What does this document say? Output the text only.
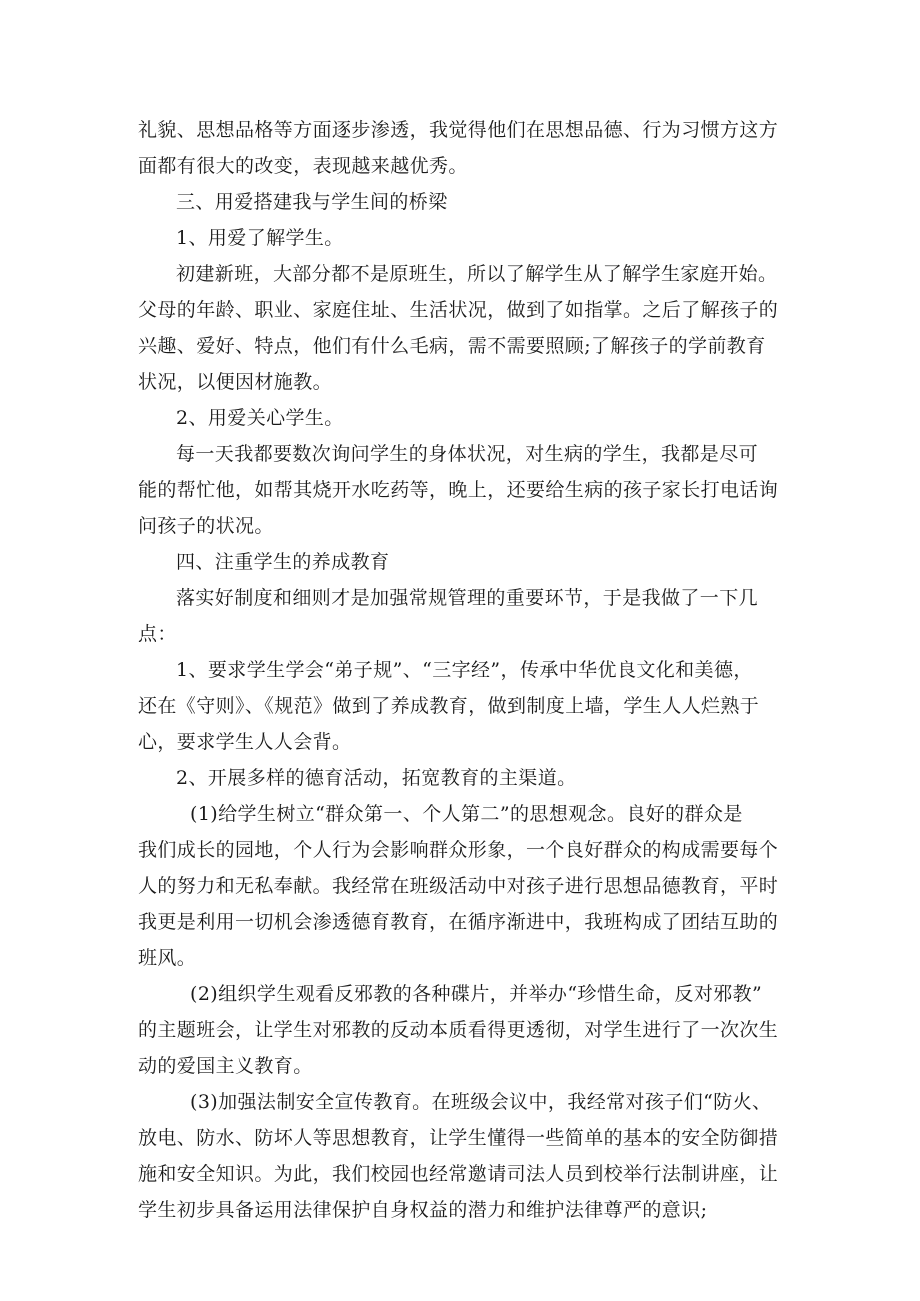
礼貌、思想品格等方面逐步渗透，我觉得他们在思想品德、行为习惯方这方
面都有很大的改变，表现越来越优秀。
三、用爱搭建我与学生间的桥梁
1、用爱了解学生。
初建新班，大部分都不是原班生，所以了解学生从了解学生家庭开始。
父母的年龄、职业、家庭住址、生活状况，做到了如指掌。之后了解孩子的
兴趣、爱好、特点，他们有什么毛病，需不需要照顾;了解孩子的学前教育
状况，以便因材施教。
2、用爱关心学生。
每一天我都要数次询问学生的身体状况，对生病的学生，我都是尽可
能的帮忙他，如帮其烧开水吃药等，晚上，还要给生病的孩子家长打电话询
问孩子的状况。
四、注重学生的养成教育
落实好制度和细则才是加强常规管理的重要环节，于是我做了一下几
点：
1、要求学生学会“弟子规”、“三字经”，传承中华优良文化和美德，
还在《守则》、《规范》做到了养成教育，做到制度上墙，学生人人烂熟于
心，要求学生人人会背。
2、开展多样的德育活动，拓宽教育的主渠道。
(1)给学生树立“群众第一、个人第二”的思想观念。良好的群众是
我们成长的园地，个人行为会影响群众形象，一个良好群众的构成需要每个
人的努力和无私奉献。我经常在班级活动中对孩子进行思想品德教育，平时
我更是利用一切机会渗透德育教育，在循序渐进中，我班构成了团结互助的
班风。
(2)组织学生观看反邪教的各种碟片，并举办“珍惜生命，反对邪教”
的主题班会，让学生对邪教的反动本质看得更透彻，对学生进行了一次次生
动的爱国主义教育。
(3)加强法制安全宣传教育。在班级会议中，我经常对孩子们“防火、
放电、防水、防坏人等思想教育，让学生懂得一些简单的基本的安全防御措
施和安全知识。为此，我们校园也经常邀请司法人员到校举行法制讲座，让
学生初步具备运用法律保护自身权益的潜力和维护法律尊严的意识;
